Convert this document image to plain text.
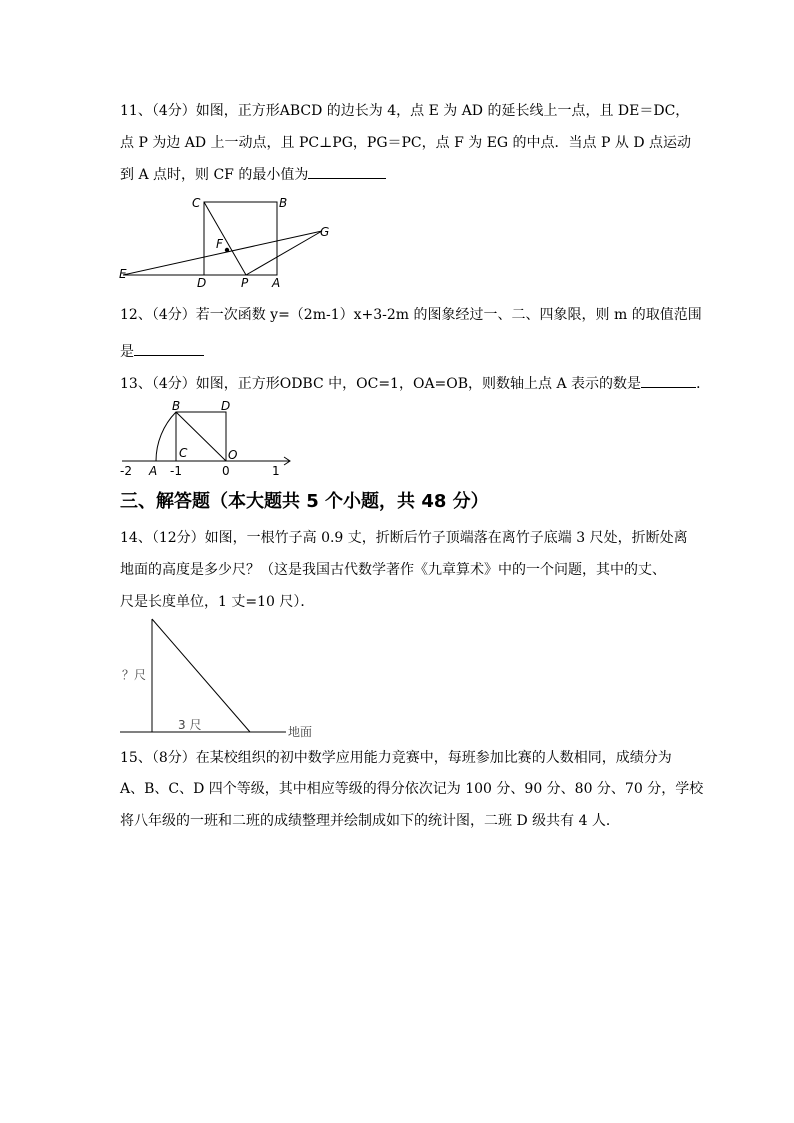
11、（4分）如图，正方形ABCD 的边长为 4，点 E 为 AD 的延长线上一点，且 DE＝DC，
点 P 为边 AD 上一动点，且 PC⊥PG，PG＝PC，点 F 为 EG 的中点．当点 P 从 D 点运动
到 A 点时，则 CF 的最小值为
C	B
G
F
E
D	P A
12、（4分）若一次函数 y=（2m-1）x+3-2m 的图象经过一、二、四象限，则 m 的取值范围
是
13、（4分）如图，正方形ODBC 中，OC=1，OA=OB，则数轴上点 A 表示的数是	．
B	D
C	O
A
-2	-1	0	1
三、解答题（本大题共 5 个小题，共 48 分）
14、（12分）如图，一根竹子高 0.9 丈，折断后竹子顶端落在离竹子底端 3 尺处，折断处离
地面的高度是多少尺？（这是我国古代数学著作《九章算术》中的一个问题，其中的丈、
尺是长度单位，1 丈=10 尺）．
？尺
3 尺	地面
15、（8分）在某校组织的初中数学应用能力竞赛中，每班参加比赛的人数相同，成绩分为
A、B、C、D 四个等级，其中相应等级的得分依次记为 100 分、90 分、80 分、70 分，学校
将八年级的一班和二班的成绩整理并绘制成如下的统计图，二班 D 级共有 4 人．
